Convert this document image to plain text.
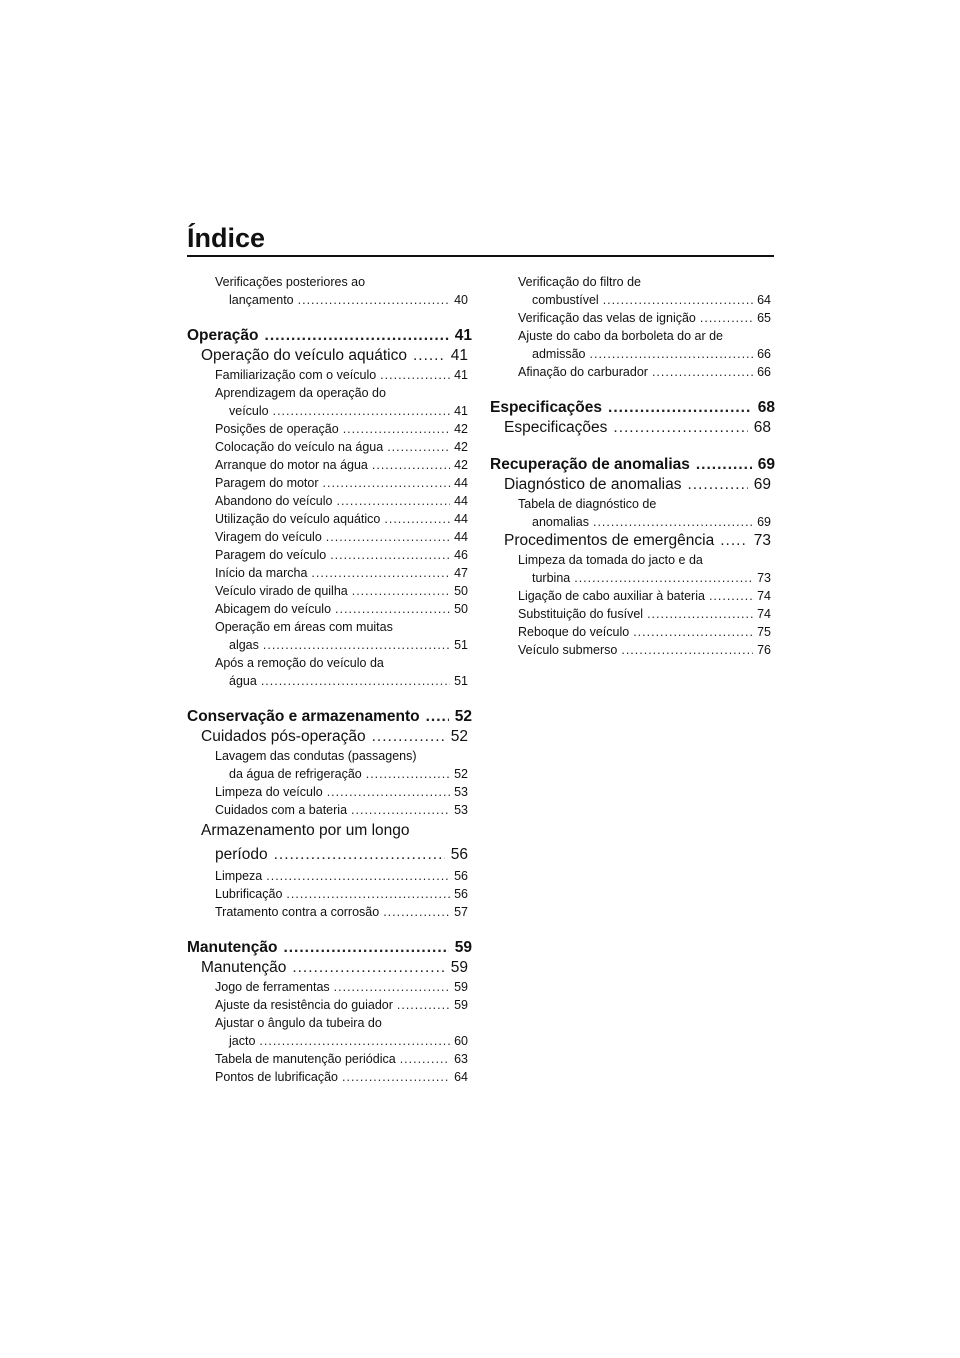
Índice
Verificações posteriores ao
lançamento .....	40
Operação .....	41
Operação do veículo aquático .....	41
Familiarização com o veículo .....	41
Aprendizagem da operação do
veículo .....	41
Posições de operação .....	42
Colocação do veículo na água .....	42
Arranque do motor na água .....	42
Paragem do motor .....	44
Abandono do veículo .....	44
Utilização do veículo aquático .....	44
Viragem do veículo .....	44
Paragem do veículo .....	46
Início da marcha .....	47
Veículo virado de quilha .....	50
Abicagem do veículo .....	50
Operação em áreas com muitas
algas .....	51
Após a remoção do veículo da
água .....	51
Conservação e armazenamento ..... 52
Cuidados pós-operação .....	52
Lavagem das condutas (passagens)
da água de refrigeração .....	52
Limpeza do veículo .....	53
Cuidados com a bateria .....	53
Armazenamento por um longo
período .....	56
Limpeza .....	56
Lubrificação .....	56
Tratamento contra a corrosão .....	57
Manutenção .....	59
Manutenção .....	59
Jogo de ferramentas .....	59
Ajuste da resistência do guiador .....	59
Ajustar o ângulo da tubeira do
jacto .....	60
Tabela de manutenção periódica .....	63
Pontos de lubrificação .....	64
Verificação do filtro de
combustível .....	64
Verificação das velas de ignição .....	65
Ajuste do cabo da borboleta do ar de
admissão .....	66
Afinação do carburador .....	66
Especificações .....	68
Especificações .....	68
Recuperação de anomalias .....	69
Diagnóstico de anomalias .....	69
Tabela de diagnóstico de
anomalias .....	69
Procedimentos de emergência .....	73
Limpeza da tomada do jacto e da
turbina .....	73
Ligação de cabo auxiliar à bateria .....	74
Substituição do fusível .....	74
Reboque do veículo .....	75
Veículo submerso .....	76
